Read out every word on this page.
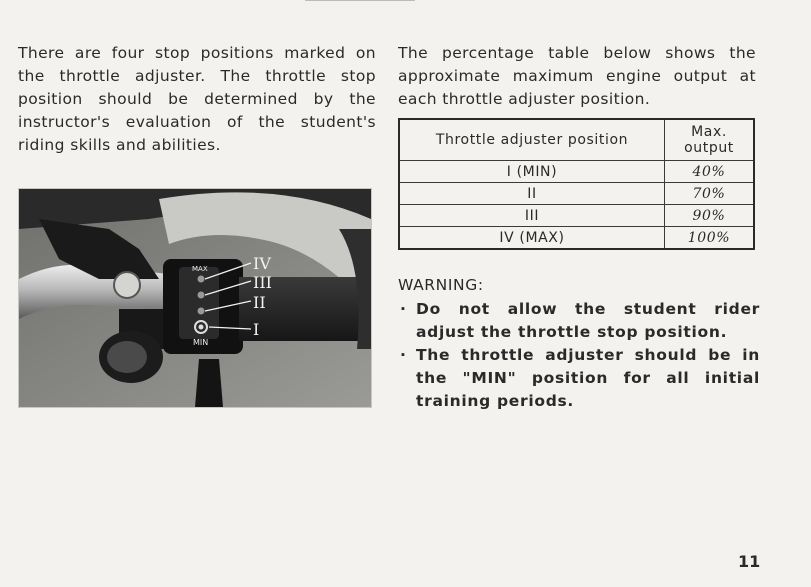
There are four stop positions marked on the throttle adjuster. The throttle stop position should be determined by the instructor's evaluation of the student's riding skills and abilities.

MAX
MIN
IV
III
II
I

The percentage table below shows the approximate maximum engine output at each throttle adjuster position.

Throttle adjuster position	Max. output
I (MIN)	40%
II	70%
III	90%
IV (MAX)	100%
WARNING:
· Do not allow the student rider adjust the throttle stop position.
· The throttle adjuster should be in the "MIN" position for all initial training periods.
11
